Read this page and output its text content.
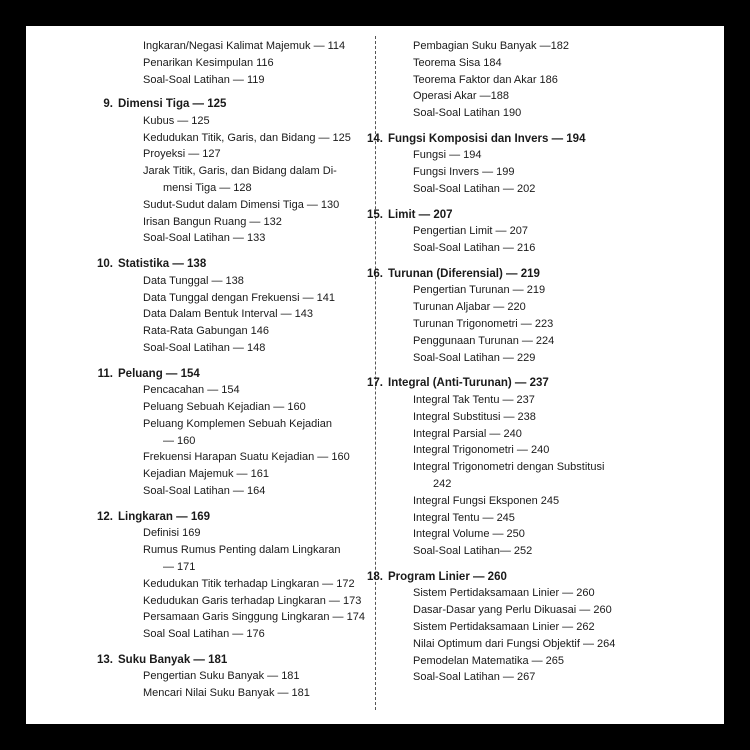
Ingkaran/Negasi Kalimat Majemuk — 114
Penarikan Kesimpulan 116
Soal-Soal Latihan — 119
9. Dimensi Tiga — 125
Kubus — 125
Kedudukan Titik, Garis, dan Bidang — 125
Proyeksi — 127
Jarak Titik, Garis, dan Bidang dalam Di-
mensi Tiga — 128
Sudut-Sudut dalam Dimensi Tiga — 130
Irisan Bangun Ruang — 132
Soal-Soal Latihan — 133
10. Statistika — 138
Data Tunggal — 138
Data Tunggal dengan Frekuensi — 141
Data Dalam Bentuk Interval — 143
Rata-Rata Gabungan 146
Soal-Soal Latihan — 148
11. Peluang — 154
Pencacahan — 154
Peluang Sebuah Kejadian — 160
Peluang Komplemen Sebuah Kejadian
— 160
Frekuensi Harapan Suatu Kejadian — 160
Kejadian Majemuk — 161
Soal-Soal Latihan — 164
12. Lingkaran — 169
Definisi 169
Rumus Rumus Penting dalam Lingkaran
— 171
Kedudukan Titik terhadap Lingkaran — 172
Kedudukan Garis terhadap Lingkaran — 173
Persamaan Garis Singgung Lingkaran — 174
Soal Soal Latihan — 176
13. Suku Banyak — 181
Pengertian Suku Banyak — 181
Mencari Nilai Suku Banyak — 181
Pembagian Suku Banyak —182
Teorema Sisa 184
Teorema Faktor dan Akar 186
Operasi Akar —188
Soal-Soal Latihan 190
14. Fungsi Komposisi dan Invers — 194
Fungsi — 194
Fungsi Invers — 199
Soal-Soal Latihan — 202
15. Limit — 207
Pengertian Limit — 207
Soal-Soal Latihan — 216
16. Turunan (Diferensial) — 219
Pengertian Turunan — 219
Turunan Aljabar — 220
Turunan Trigonometri — 223
Penggunaan Turunan — 224
Soal-Soal Latihan — 229
17. Integral (Anti-Turunan) — 237
Integral Tak Tentu — 237
Integral Substitusi — 238
Integral Parsial — 240
Integral Trigonometri — 240
Integral Trigonometri dengan Substitusi
242
Integral Fungsi Eksponen 245
Integral Tentu — 245
Integral Volume — 250
Soal-Soal Latihan— 252
18. Program Linier — 260
Sistem Pertidaksamaan Linier — 260
Dasar-Dasar yang Perlu Dikuasai — 260
Sistem Pertidaksamaan Linier — 262
Nilai Optimum dari Fungsi Objektif — 264
Pemodelan Matematika — 265
Soal-Soal Latihan — 267
